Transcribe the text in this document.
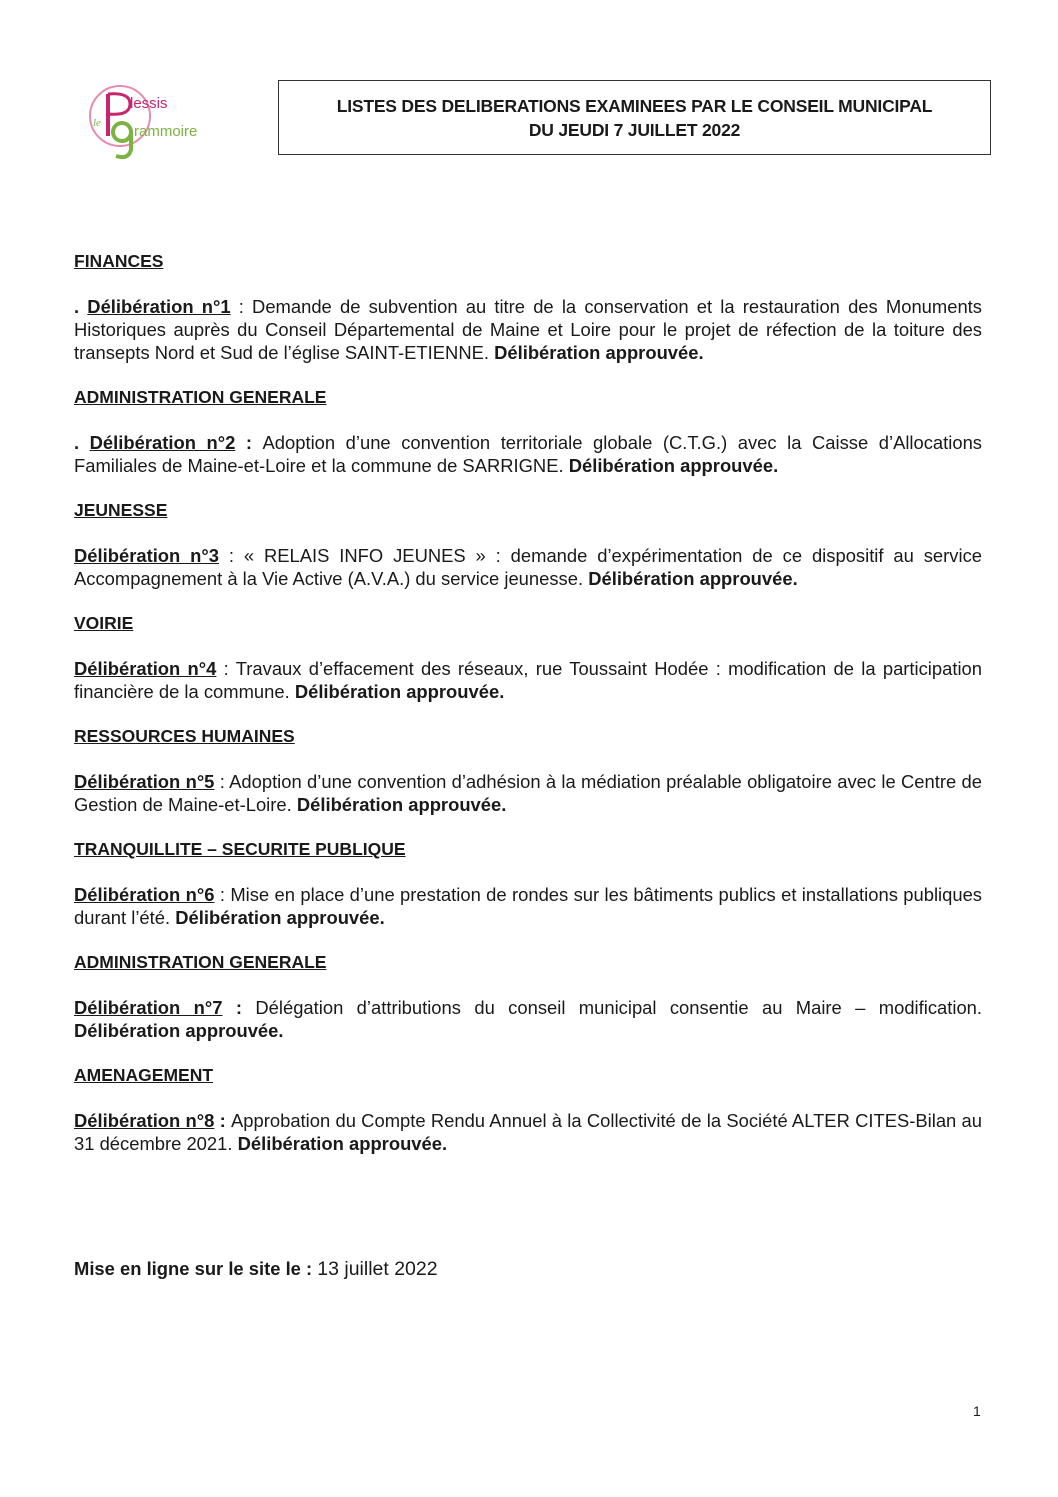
le
lessis
rammoire
LISTES DES DELIBERATIONS EXAMINEES PAR LE CONSEIL MUNICIPAL
DU JEUDI 7 JUILLET 2022
FINANCES
. Délibération n°1 : Demande de subvention au titre de la conservation et la restauration des Monuments Historiques auprès du Conseil Départemental de Maine et Loire pour le projet de réfection de la toiture des transepts Nord et Sud de l’église SAINT-ETIENNE. Délibération approuvée.
ADMINISTRATION GENERALE
. Délibération n°2 : Adoption d’une convention territoriale globale (C.T.G.) avec la Caisse d’Allocations Familiales de Maine-et-Loire et la commune de SARRIGNE. Délibération approuvée.
JEUNESSE
Délibération n°3 : « RELAIS INFO JEUNES » : demande d’expérimentation de ce dispositif au service Accompagnement à la Vie Active (A.V.A.) du service jeunesse. Délibération approuvée.
VOIRIE
Délibération n°4 : Travaux d’effacement des réseaux, rue Toussaint Hodée : modification de la participation financière de la commune. Délibération approuvée.
RESSOURCES HUMAINES
Délibération n°5 : Adoption d’une convention d’adhésion à la médiation préalable obligatoire avec le Centre de Gestion de Maine-et-Loire. Délibération approuvée.
TRANQUILLITE – SECURITE PUBLIQUE
Délibération n°6 : Mise en place d’une prestation de rondes sur les bâtiments publics et installations publiques durant l’été. Délibération approuvée.
ADMINISTRATION GENERALE
Délibération n°7 : Délégation d’attributions du conseil municipal consentie au Maire – modification. Délibération approuvée.
AMENAGEMENT
Délibération n°8 : Approbation du Compte Rendu Annuel à la Collectivité de la Société ALTER CITES-Bilan au 31 décembre 2021. Délibération approuvée.
Mise en ligne sur le site le : 13 juillet 2022
1
